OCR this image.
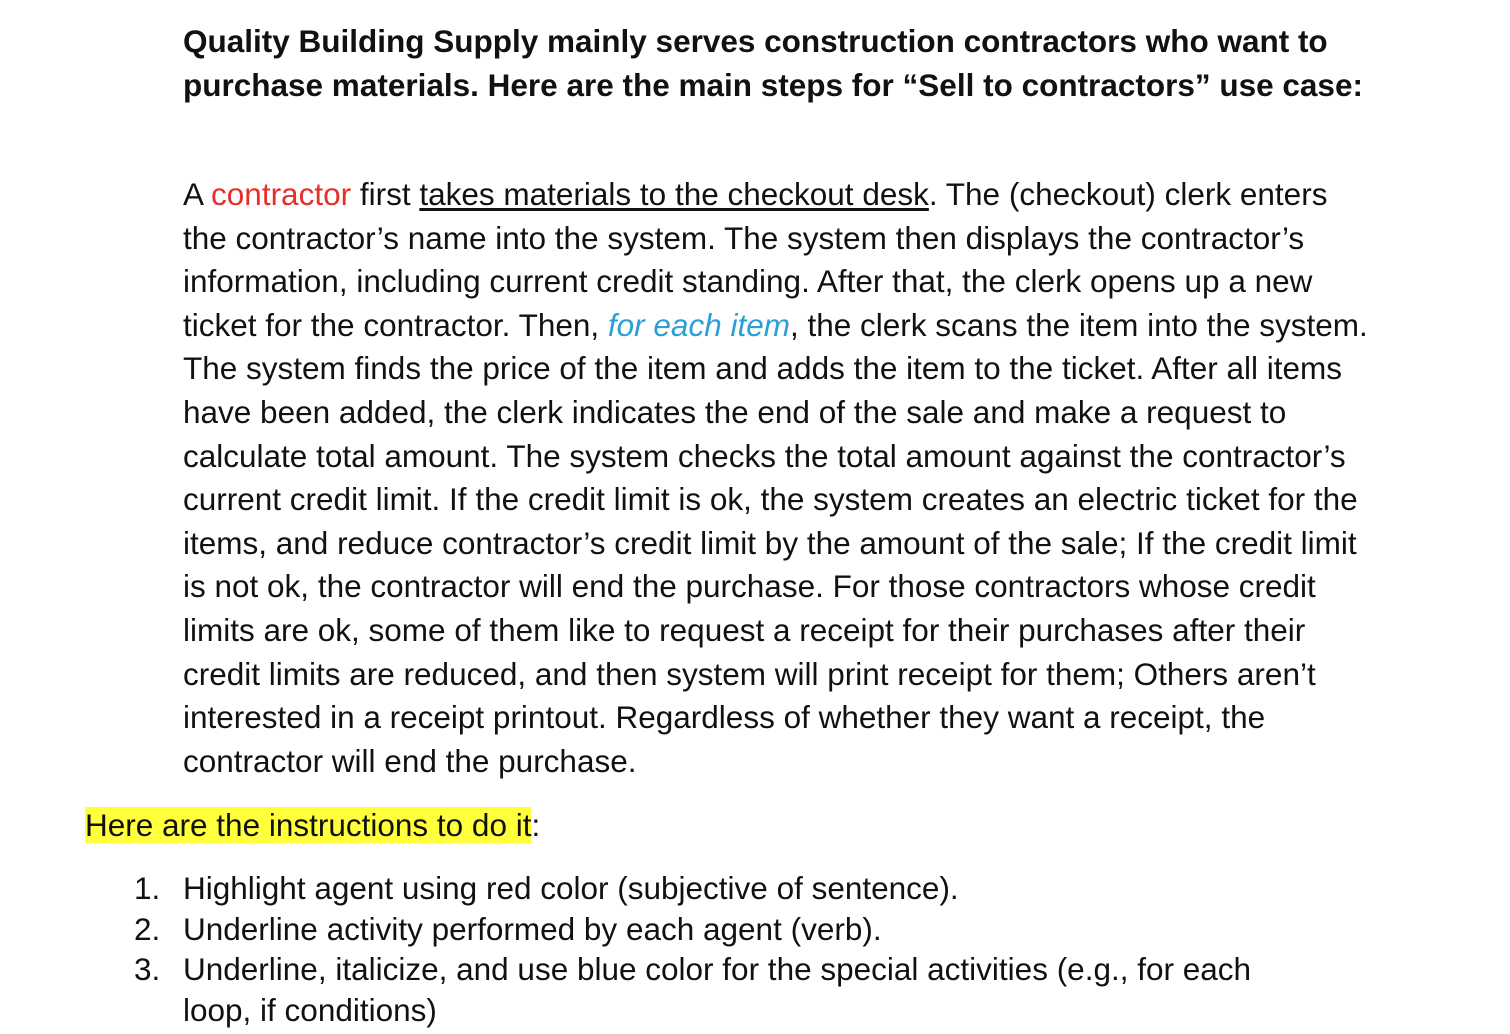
Quality Building Supply mainly serves construction contractors who want to purchase materials. Here are the main steps for “Sell to contractors” use case:

A contractor first takes materials to the checkout desk. The (checkout) clerk enters the contractor’s name into the system. The system then displays the contractor’s information, including current credit standing. After that, the clerk opens up a new ticket for the contractor. Then, for each item, the clerk scans the item into the system. The system finds the price of the item and adds the item to the ticket. After all items have been added, the clerk indicates the end of the sale and make a request to calculate total amount. The system checks the total amount against the contractor’s current credit limit. If the credit limit is ok, the system creates an electric ticket for the items, and reduce contractor’s credit limit by the amount of the sale; If the credit limit is not ok, the contractor will end the purchase. For those contractors whose credit limits are ok, some of them like to request a receipt for their purchases after their credit limits are reduced, and then system will print receipt for them; Others aren’t interested in a receipt printout. Regardless of whether they want a receipt, the contractor will end the purchase.

Here are the instructions to do it:

1. Highlight agent using red color (subjective of sentence).
2. Underline activity performed by each agent (verb).
3. Underline, italicize, and use blue color for the special activities (e.g., for each loop, if conditions)
